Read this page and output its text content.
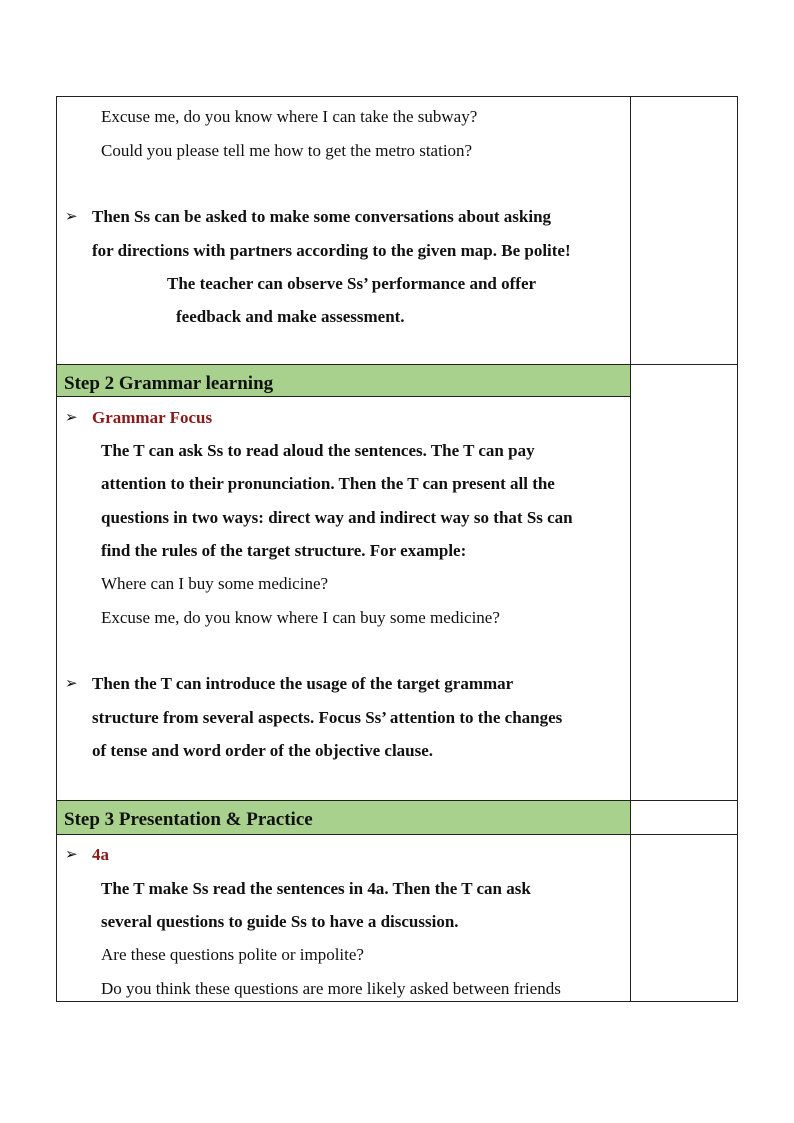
Excuse me, do you know where I can take the subway?
Could you please tell me how to get the metro station?
➢ Then Ss can be asked to make some conversations about asking
for directions with partners according to the given map. Be polite!
The teacher can observe Ss’ performance and offer
feedback and make assessment.
Step 2 Grammar learning
➢ Grammar Focus
The T can ask Ss to read aloud the sentences. The T can pay
attention to their pronunciation. Then the T can present all the
questions in two ways: direct way and indirect way so that Ss can
find the rules of the target structure. For example:
Where can I buy some medicine?
Excuse me, do you know where I can buy some medicine?
➢ Then the T can introduce the usage of the target grammar
structure from several aspects. Focus Ss’ attention to the changes
of tense and word order of the objective clause.
Step 3 Presentation & Practice
➢ 4a
The T make Ss read the sentences in 4a. Then the T can ask
several questions to guide Ss to have a discussion.
Are these questions polite or impolite?
Do you think these questions are more likely asked between friends
